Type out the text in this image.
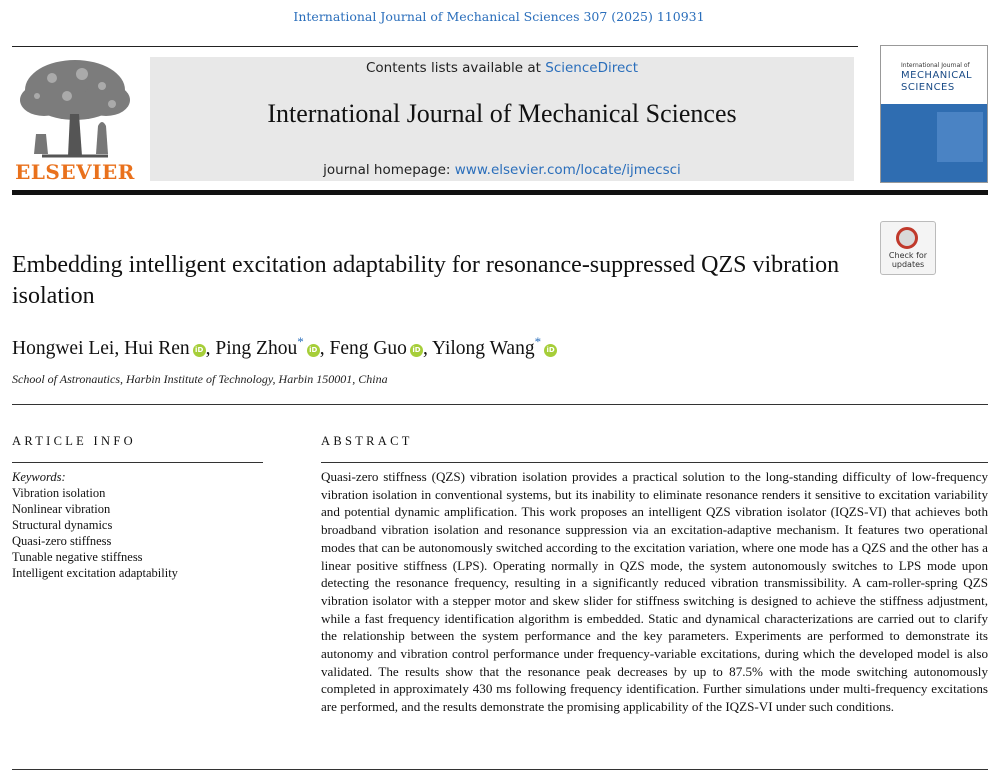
International Journal of Mechanical Sciences 307 (2025) 110931
ELSEVIER
Contents lists available at ScienceDirect
International Journal of Mechanical Sciences
journal homepage: www.elsevier.com/locate/ijmecsci
International Journal of
MECHANICAL SCIENCES
Check for
updates
Embedding intelligent excitation adaptability for resonance-suppressed QZS vibration isolation
Hongwei Lei, Hui Ren iD , Ping Zhou*iD , Feng Guo iD , Yilong Wang*iD
School of Astronautics, Harbin Institute of Technology, Harbin 150001, China
ARTICLE INFO
Keywords:
Vibration isolation
Nonlinear vibration
Structural dynamics
Quasi-zero stiffness
Tunable negative stiffness
Intelligent excitation adaptability
ABSTRACT
Quasi-zero stiffness (QZS) vibration isolation provides a practical solution to the long-standing difficulty of low-frequency vibration isolation in conventional systems, but its inability to eliminate resonance renders it sensitive to excitation variability and potential dynamic amplification. This work proposes an intelligent QZS vibration isolator (IQZS-VI) that achieves both broadband vibration isolation and resonance suppression via an excitation-adaptive mechanism. It features two operational modes that can be autonomously switched according to the excitation variation, where one mode has a QZS and the other has a linear positive stiffness (LPS). Operating normally in QZS mode, the system autonomously switches to LPS mode upon detecting the resonance frequency, resulting in a significantly reduced vibration transmissibility. A cam-roller-spring QZS vibration isolator with a stepper motor and skew slider for stiffness switching is designed to achieve the stiffness adjustment, while a fast frequency identification algorithm is embedded. Static and dynamical characterizations are carried out to clarify the relationship between the system performance and the key parameters. Experiments are performed to demonstrate its autonomy and vibration control performance under frequency-variable excitations, during which the developed model is also validated. The results show that the resonance peak decreases by up to 87.5% with the mode switching autonomously completed in approximately 430 ms following frequency identification. Further simulations under multi-frequency excitations are performed, and the results demonstrate the promising applicability of the IQZS-VI under such conditions.
